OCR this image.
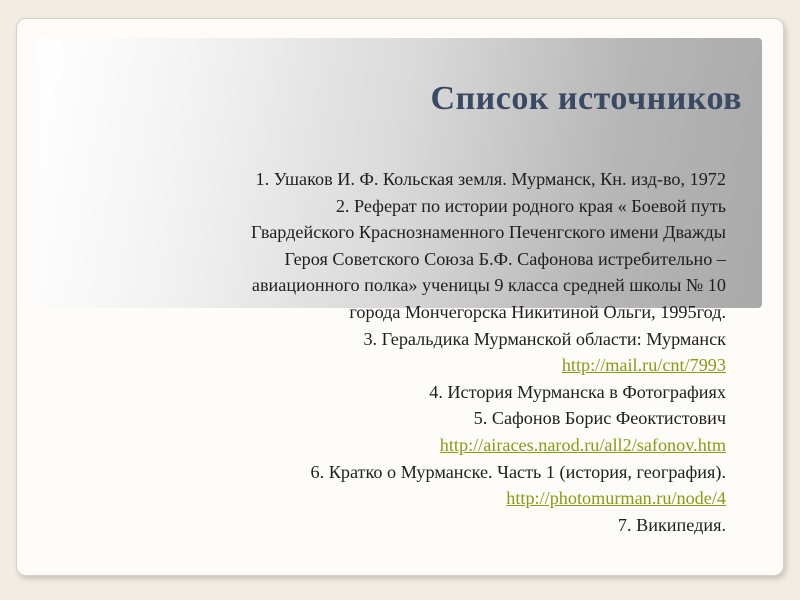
Список источников
1. Ушаков И. Ф. Кольская земля. Мурманск, Кн. изд-во, 1972
2. Реферат по истории родного края « Боевой путь
Гвардейского Краснознаменного Печенгского имени Дважды
Героя Советского Союза Б.Ф. Сафонова истребительно –
авиационного полка» ученицы 9 класса средней школы № 10
города Мончегорска Никитиной Ольги, 1995год.
3. Геральдика Мурманской области: Мурманск
http://mail.ru/cnt/7993
4. История Мурманска в Фотографиях
5. Сафонов Борис Феоктистович
http://airaces.narod.ru/all2/safonov.htm
6. Кратко о Мурманске. Часть 1 (история, география).
http://photomurman.ru/node/4
7. Википедия.
